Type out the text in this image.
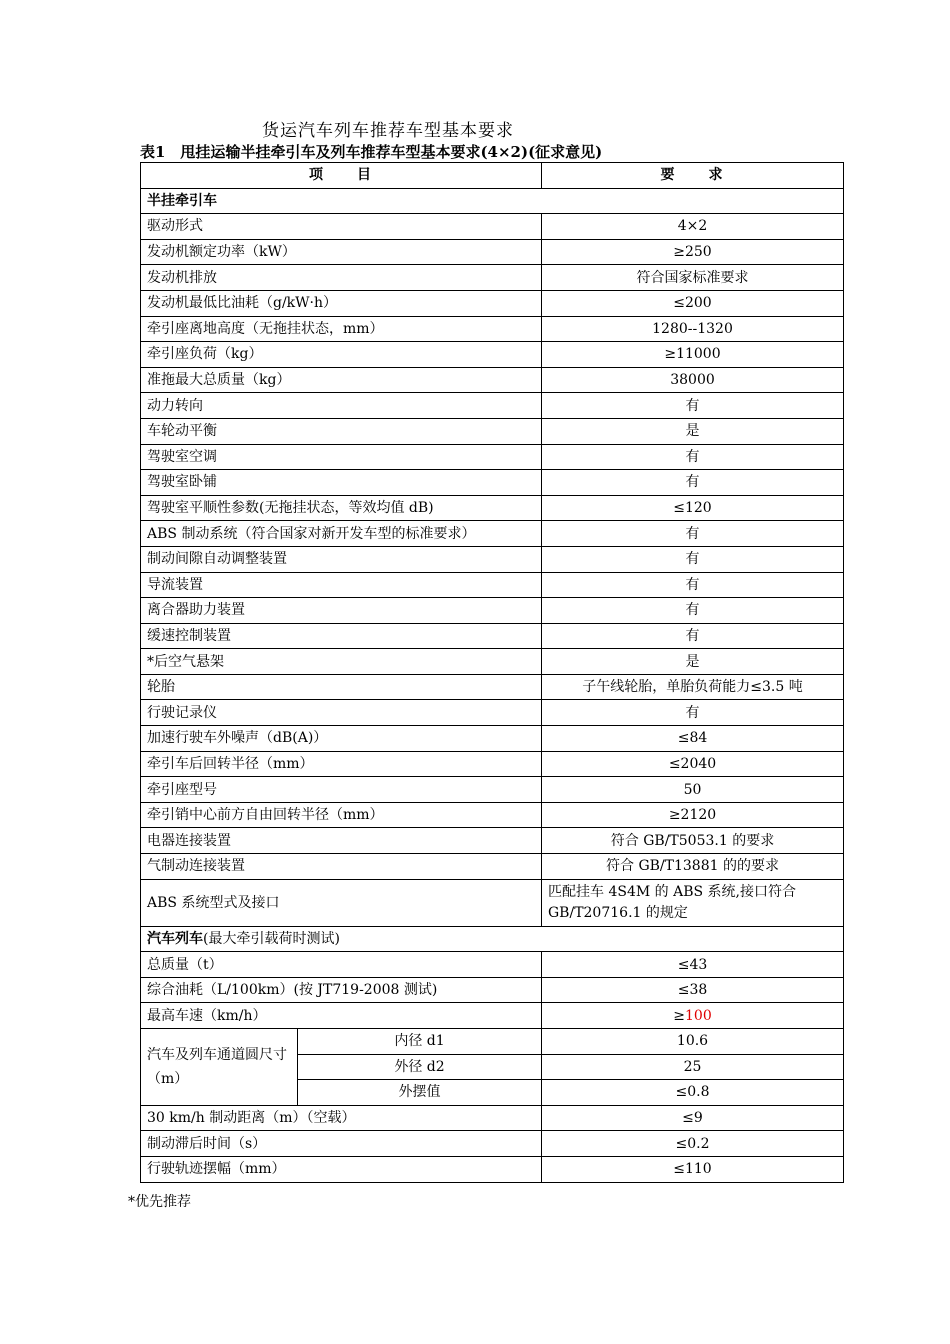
货运汽车列车推荐车型基本要求
表1　甩挂运输半挂牵引车及列车推荐车型基本要求(4×2)(征求意见)
项　　目		要　　求
半挂牵引车		
驱动形式		4×2
发动机额定功率（kW）		≥250
发动机排放		符合国家标准要求
发动机最低比油耗（g/kW·h）		≤200
牵引座离地高度（无拖挂状态，mm）		1280--1320
牵引座负荷（kg）		≥11000
准拖最大总质量（kg）		38000
动力转向		有
车轮动平衡		是
驾驶室空调		有
驾驶室卧铺		有
驾驶室平顺性参数(无拖挂状态，等效均值 dB)		≤120
ABS 制动系统（符合国家对新开发车型的标准要求）		有
制动间隙自动调整装置		有
导流装置		有
离合器助力装置		有
缓速控制装置		有
*后空气悬架		是
轮胎		子午线轮胎，单胎负荷能力≤3.5 吨
行驶记录仪		有
加速行驶车外噪声（dB(A)）		≤84
牵引车后回转半径（mm）		≤2040
牵引座型号		50
牵引销中心前方自由回转半径（mm）		≥2120
电器连接装置		符合 GB/T5053.1 的要求
气制动连接装置		符合 GB/T13881 的的要求
ABS 系统型式及接口		匹配挂车 4S4M 的 ABS 系统,接口符合 GB/T20716.1 的规定
汽车列车(最大牵引载荷时测试)		
总质量（t）		≤43
综合油耗（L/100km）(按 JT719-2008 测试)		≤38
最高车速（km/h）		≥100
汽车及列车通道圆尺寸（m）	内径 d1	10.6
	外径 d2	25
	外摆值	≤0.8
30 km/h 制动距离（m）（空载）		≤9
制动滞后时间（s）		≤0.2
行驶轨迹摆幅（mm）		≤110
*优先推荐
